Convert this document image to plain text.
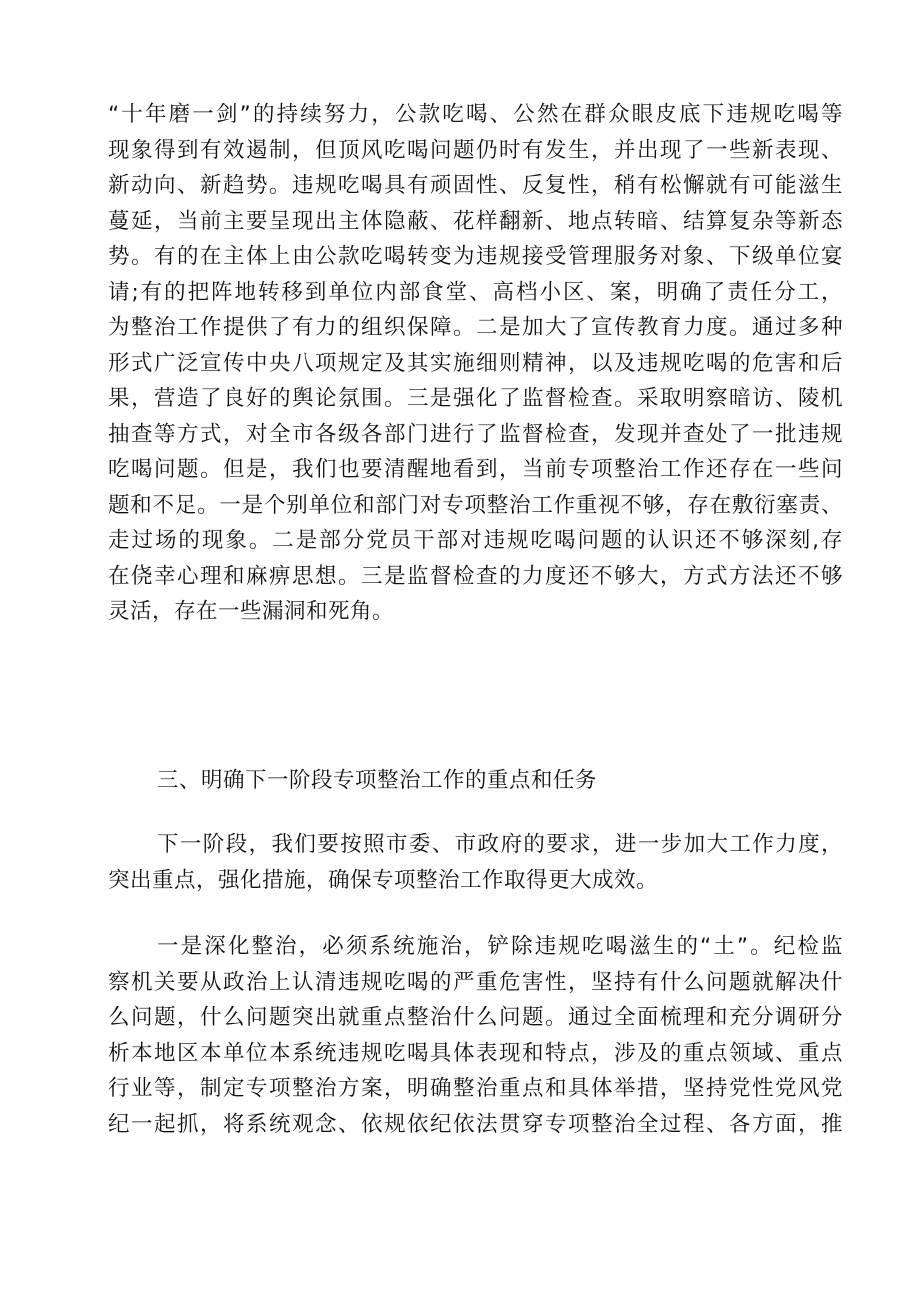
“十年磨一剑”的持续努力，公款吃喝、公然在群众眼皮底下违规吃喝等
现象得到有效遏制，但顶风吃喝问题仍时有发生，并出现了一些新表现、
新动向、新趋势。违规吃喝具有顽固性、反复性，稍有松懈就有可能滋生
蔓延，当前主要呈现出主体隐蔽、花样翻新、地点转暗、结算复杂等新态
势。有的在主体上由公款吃喝转变为违规接受管理服务对象、下级单位宴
请;有的把阵地转移到单位内部食堂、高档小区、案，明确了责任分工，
为整治工作提供了有力的组织保障。二是加大了宣传教育力度。通过多种
形式广泛宣传中央八项规定及其实施细则精神，以及违规吃喝的危害和后
果，营造了良好的舆论氛围。三是强化了监督检查。采取明察暗访、陵机
抽查等方式，对全市各级各部门进行了监督检查，发现并查处了一批违规
吃喝问题。但是，我们也要清醒地看到，当前专项整治工作还存在一些问
题和不足。一是个别单位和部门对专项整治工作重视不够，存在敷衍塞责、
走过场的现象。二是部分党员干部对违规吃喝问题的认识还不够深刻,存
在侥幸心理和麻痹思想。三是监督检查的力度还不够大，方式方法还不够
灵活，存在一些漏洞和死角。
三、明确下一阶段专项整治工作的重点和任务
下一阶段，我们要按照市委、市政府的要求，进一步加大工作力度，
突出重点，强化措施，确保专项整治工作取得更大成效。
一是深化整治，必须系统施治，铲除违规吃喝滋生的“土”。纪检监
察机关要从政治上认清违规吃喝的严重危害性，坚持有什么问题就解决什
么问题，什么问题突出就重点整治什么问题。通过全面梳理和充分调研分
析本地区本单位本系统违规吃喝具体表现和特点，涉及的重点领域、重点
行业等，制定专项整治方案，明确整治重点和具体举措，坚持党性党风党
纪一起抓，将系统观念、依规依纪依法贯穿专项整治全过程、各方面，推
